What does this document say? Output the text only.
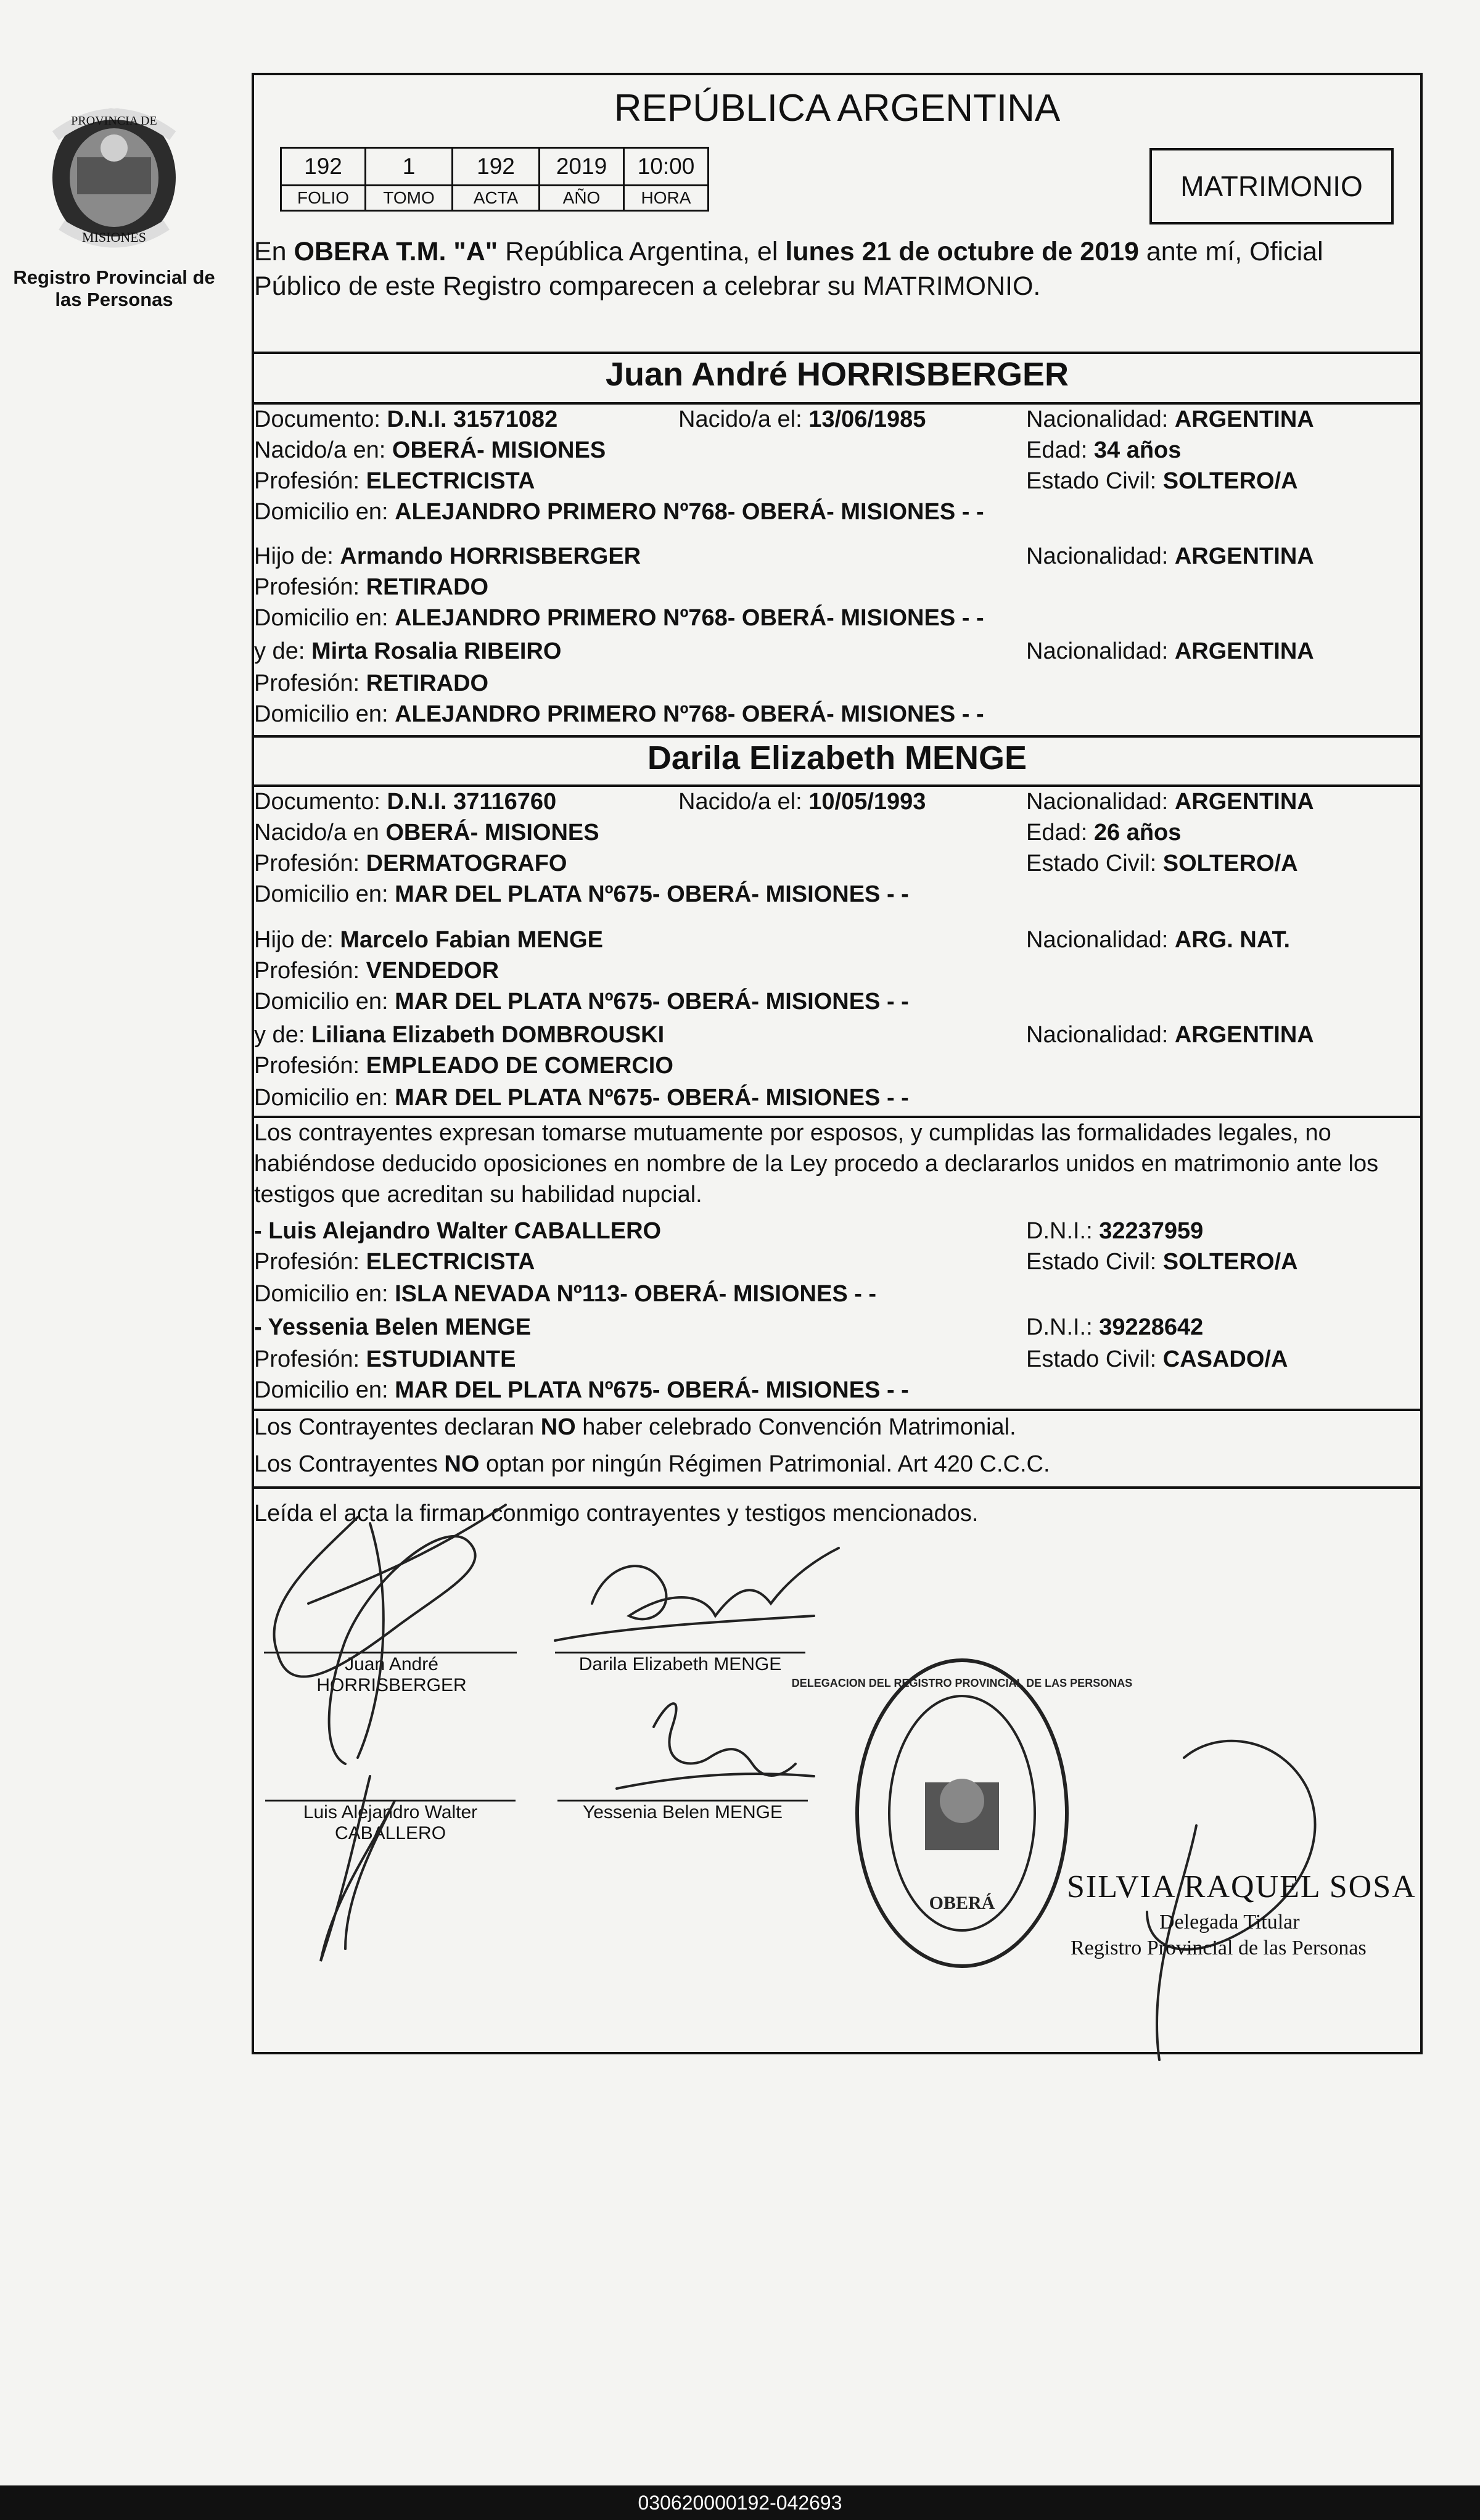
PROVINCIA DE
MISIONES
Registro Provincial de las Personas
REPÚBLICA ARGENTINA
192	1	192	2019	10:00
FOLIO	TOMO	ACTA	AÑO	HORA	MATRIMONIO
En OBERA T.M. "A" República Argentina, el lunes 21 de octubre de 2019 ante mí, Oficial Público de este Registro comparecen a celebrar su MATRIMONIO.
Juan André HORRISBERGER
Documento: D.N.I. 31571082	Nacido/a el: 13/06/1985	Nacionalidad: ARGENTINA
Nacido/a en: OBERÁ- MISIONES	Edad: 34 años
Profesión: ELECTRICISTA	Estado Civil: SOLTERO/A
Domicilio en: ALEJANDRO PRIMERO Nº768- OBERÁ- MISIONES - -
Hijo de: Armando HORRISBERGER	Nacionalidad: ARGENTINA
Profesión: RETIRADO
Domicilio en: ALEJANDRO PRIMERO Nº768- OBERÁ- MISIONES - -
y de: Mirta Rosalia RIBEIRO	Nacionalidad: ARGENTINA
Profesión: RETIRADO
Domicilio en: ALEJANDRO PRIMERO Nº768- OBERÁ- MISIONES - -
Darila Elizabeth MENGE
Documento: D.N.I. 37116760	Nacido/a el: 10/05/1993	Nacionalidad: ARGENTINA
Nacido/a en OBERÁ- MISIONES	Edad: 26 años
Profesión: DERMATOGRAFO	Estado Civil: SOLTERO/A
Domicilio en: MAR DEL PLATA Nº675- OBERÁ- MISIONES - -
Hijo de: Marcelo Fabian MENGE	Nacionalidad: ARG. NAT.
Profesión: VENDEDOR
Domicilio en: MAR DEL PLATA Nº675- OBERÁ- MISIONES - -
y de: Liliana Elizabeth DOMBROUSKI	Nacionalidad: ARGENTINA
Profesión: EMPLEADO DE COMERCIO
Domicilio en: MAR DEL PLATA Nº675- OBERÁ- MISIONES - -
Los contrayentes expresan tomarse mutuamente por esposos, y cumplidas las formalidades legales, no habiéndose deducido oposiciones en nombre de la Ley procedo a declararlos unidos en matrimonio ante los testigos que acreditan su habilidad nupcial.
- Luis Alejandro Walter CABALLERO	D.N.I.: 32237959
Profesión: ELECTRICISTA	Estado Civil: SOLTERO/A
Domicilio en: ISLA NEVADA Nº113- OBERÁ- MISIONES - -
- Yessenia Belen MENGE	D.N.I.: 39228642
Profesión: ESTUDIANTE	Estado Civil: CASADO/A
Domicilio en: MAR DEL PLATA Nº675- OBERÁ- MISIONES - -
Los Contrayentes declaran NO haber celebrado Convención Matrimonial.
Los Contrayentes NO optan por ningún Régimen Patrimonial. Art 420 C.C.C.
Leída el acta la firman conmigo contrayentes y testigos mencionados.
Juan André
HORRISBERGER
Darila Elizabeth MENGE
Luis Alejandro Walter
CABALLERO
Yessenia Belen MENGE
OBERÁ
DELEGACION DEL REGISTRO PROVINCIAL DE LAS PERSONAS
SILVIA RAQUEL SOSA
Delegada Titular
Registro Provincial de las Personas
030620000192-042693
